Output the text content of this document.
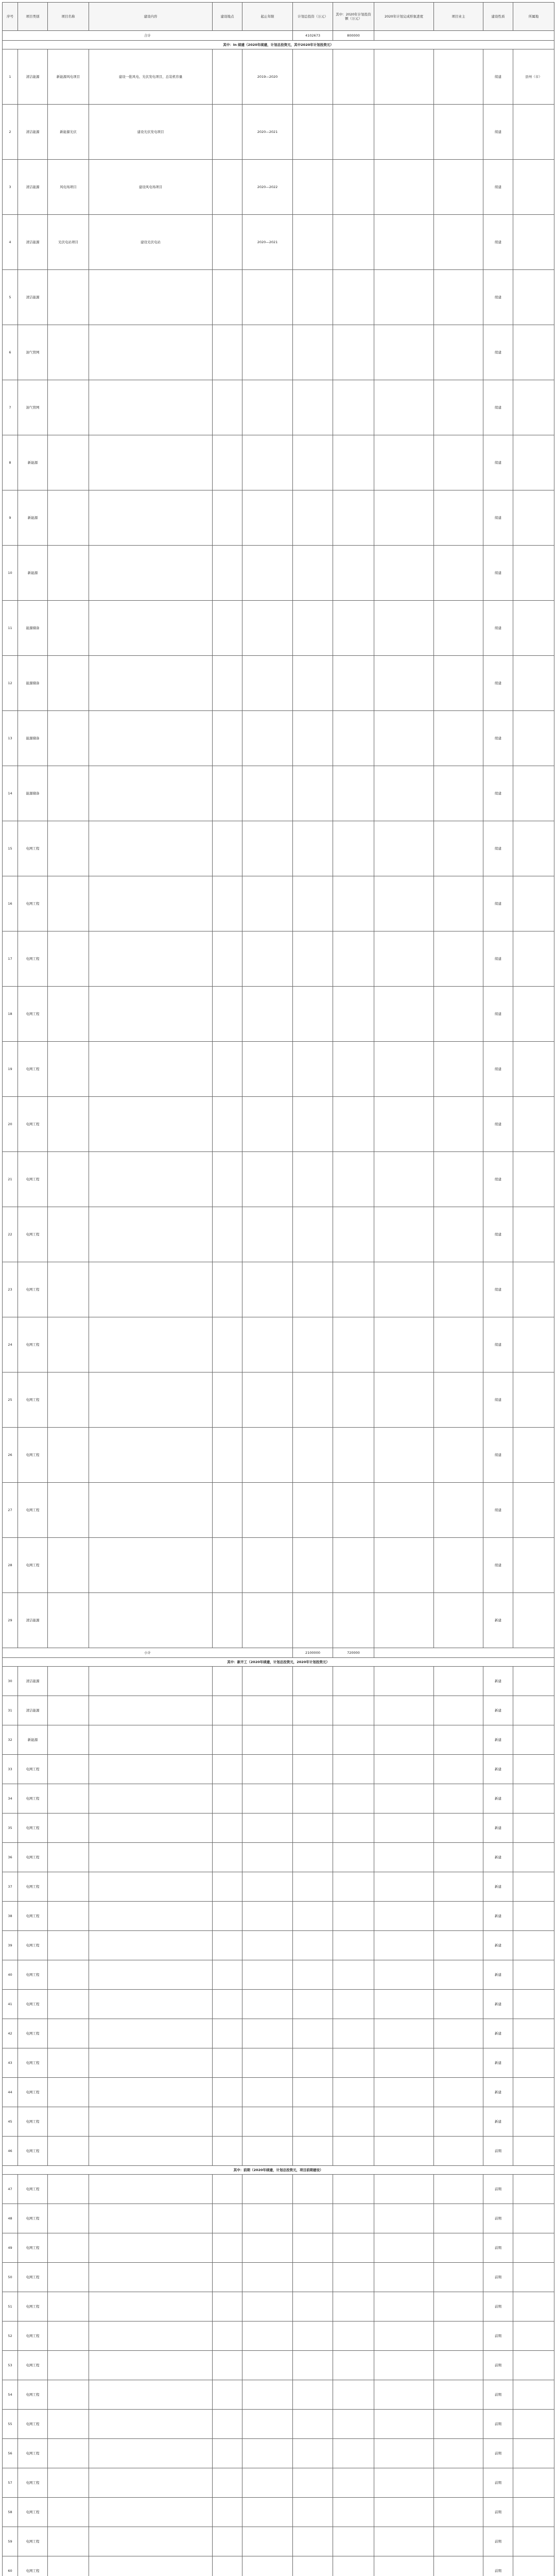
序号	项目类别	项目名称	建设内容	建设地点	起止年限	计划总投资（万元）	其中：2020年计划投资额（万元）	2020年计划完成形象进度	项目业主	建设性质	所属地
合计						4102673	800000				
其中：In 续建（2020年续建，计划总投资元，其中2020年计划投资元）											
1	清洁能源	新能源风电项目	建设一批风电、光伏发电项目，总装机容量		2019—2020					续建	县州（市）
2	清洁能源	新能源光伏	建设光伏发电项目		2020—2021					续建	
3	清洁能源	风电场项目	建设风电场项目		2020—2022					续建	
4	清洁能源	光伏电站项目	建设光伏电站		2020—2021					续建	
5	清洁能源									续建	
6	油气管网									续建	
7	油气管网									续建	
8	新能源									续建	
9	新能源									续建	
10	新能源									续建	
11	能源储备									续建	
12	能源储备									续建	
13	能源储备									续建	
14	能源储备									续建	
15	电网工程									续建	
16	电网工程									续建	
17	电网工程									续建	
18	电网工程									续建	
19	电网工程									续建	
20	电网工程									续建	
21	电网工程									续建	
22	电网工程									续建	
23	电网工程									续建	
24	电网工程									续建	
25	电网工程									续建	
26	电网工程									续建	
27	电网工程									续建	
28	电网工程									续建	
29	清洁能源									新建	
小计						2100000	720000				
其中：新开工（2020年续建，计划总投资元，2020年计划投资元）											
30	清洁能源									新建	
31	清洁能源									新建	
32	新能源									新建	
33	电网工程									新建	
34	电网工程									新建	
35	电网工程									新建	
36	电网工程									新建	
37	电网工程									新建	
38	电网工程									新建	
39	电网工程									新建	
40	电网工程									新建	
41	电网工程									新建	
42	电网工程									新建	
43	电网工程									新建	
44	电网工程									新建	
45	电网工程									新建	
46	电网工程									前期	
其中：前期（2020年续建，计划总投资元，项目前期建设）											
47	电网工程									前期	
48	电网工程									前期	
49	电网工程									前期	
50	电网工程									前期	
51	电网工程									前期	
52	电网工程									前期	
53	电网工程									前期	
54	电网工程									前期	
55	电网工程									前期	
56	电网工程									前期	
57	电网工程									前期	
58	电网工程									前期	
59	电网工程									前期	
60	电网工程									前期	
